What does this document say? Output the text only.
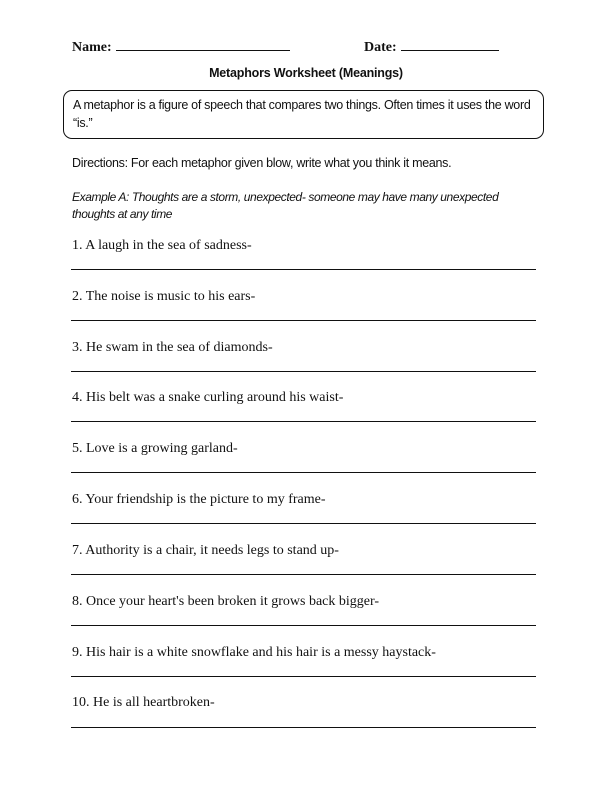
Name:	Date:
Metaphors Worksheet (Meanings)
A metaphor is a figure of speech that compares two things. Often times it uses the word “is.”
Directions: For each metaphor given blow, write what you think it means.
Example A: Thoughts are a storm, unexpected- someone may have many unexpected thoughts at any time
1. A laugh in the sea of sadness-
2. The noise is music to his ears-
3. He swam in the sea of diamonds-
4. His belt was a snake curling around his waist-
5. Love is a growing garland-
6. Your friendship is the picture to my frame-
7. Authority is a chair, it needs legs to stand up-
8. Once your heart's been broken it grows back bigger-
9. His hair is a white snowflake and his hair is a messy haystack-
10. He is all heartbroken-
